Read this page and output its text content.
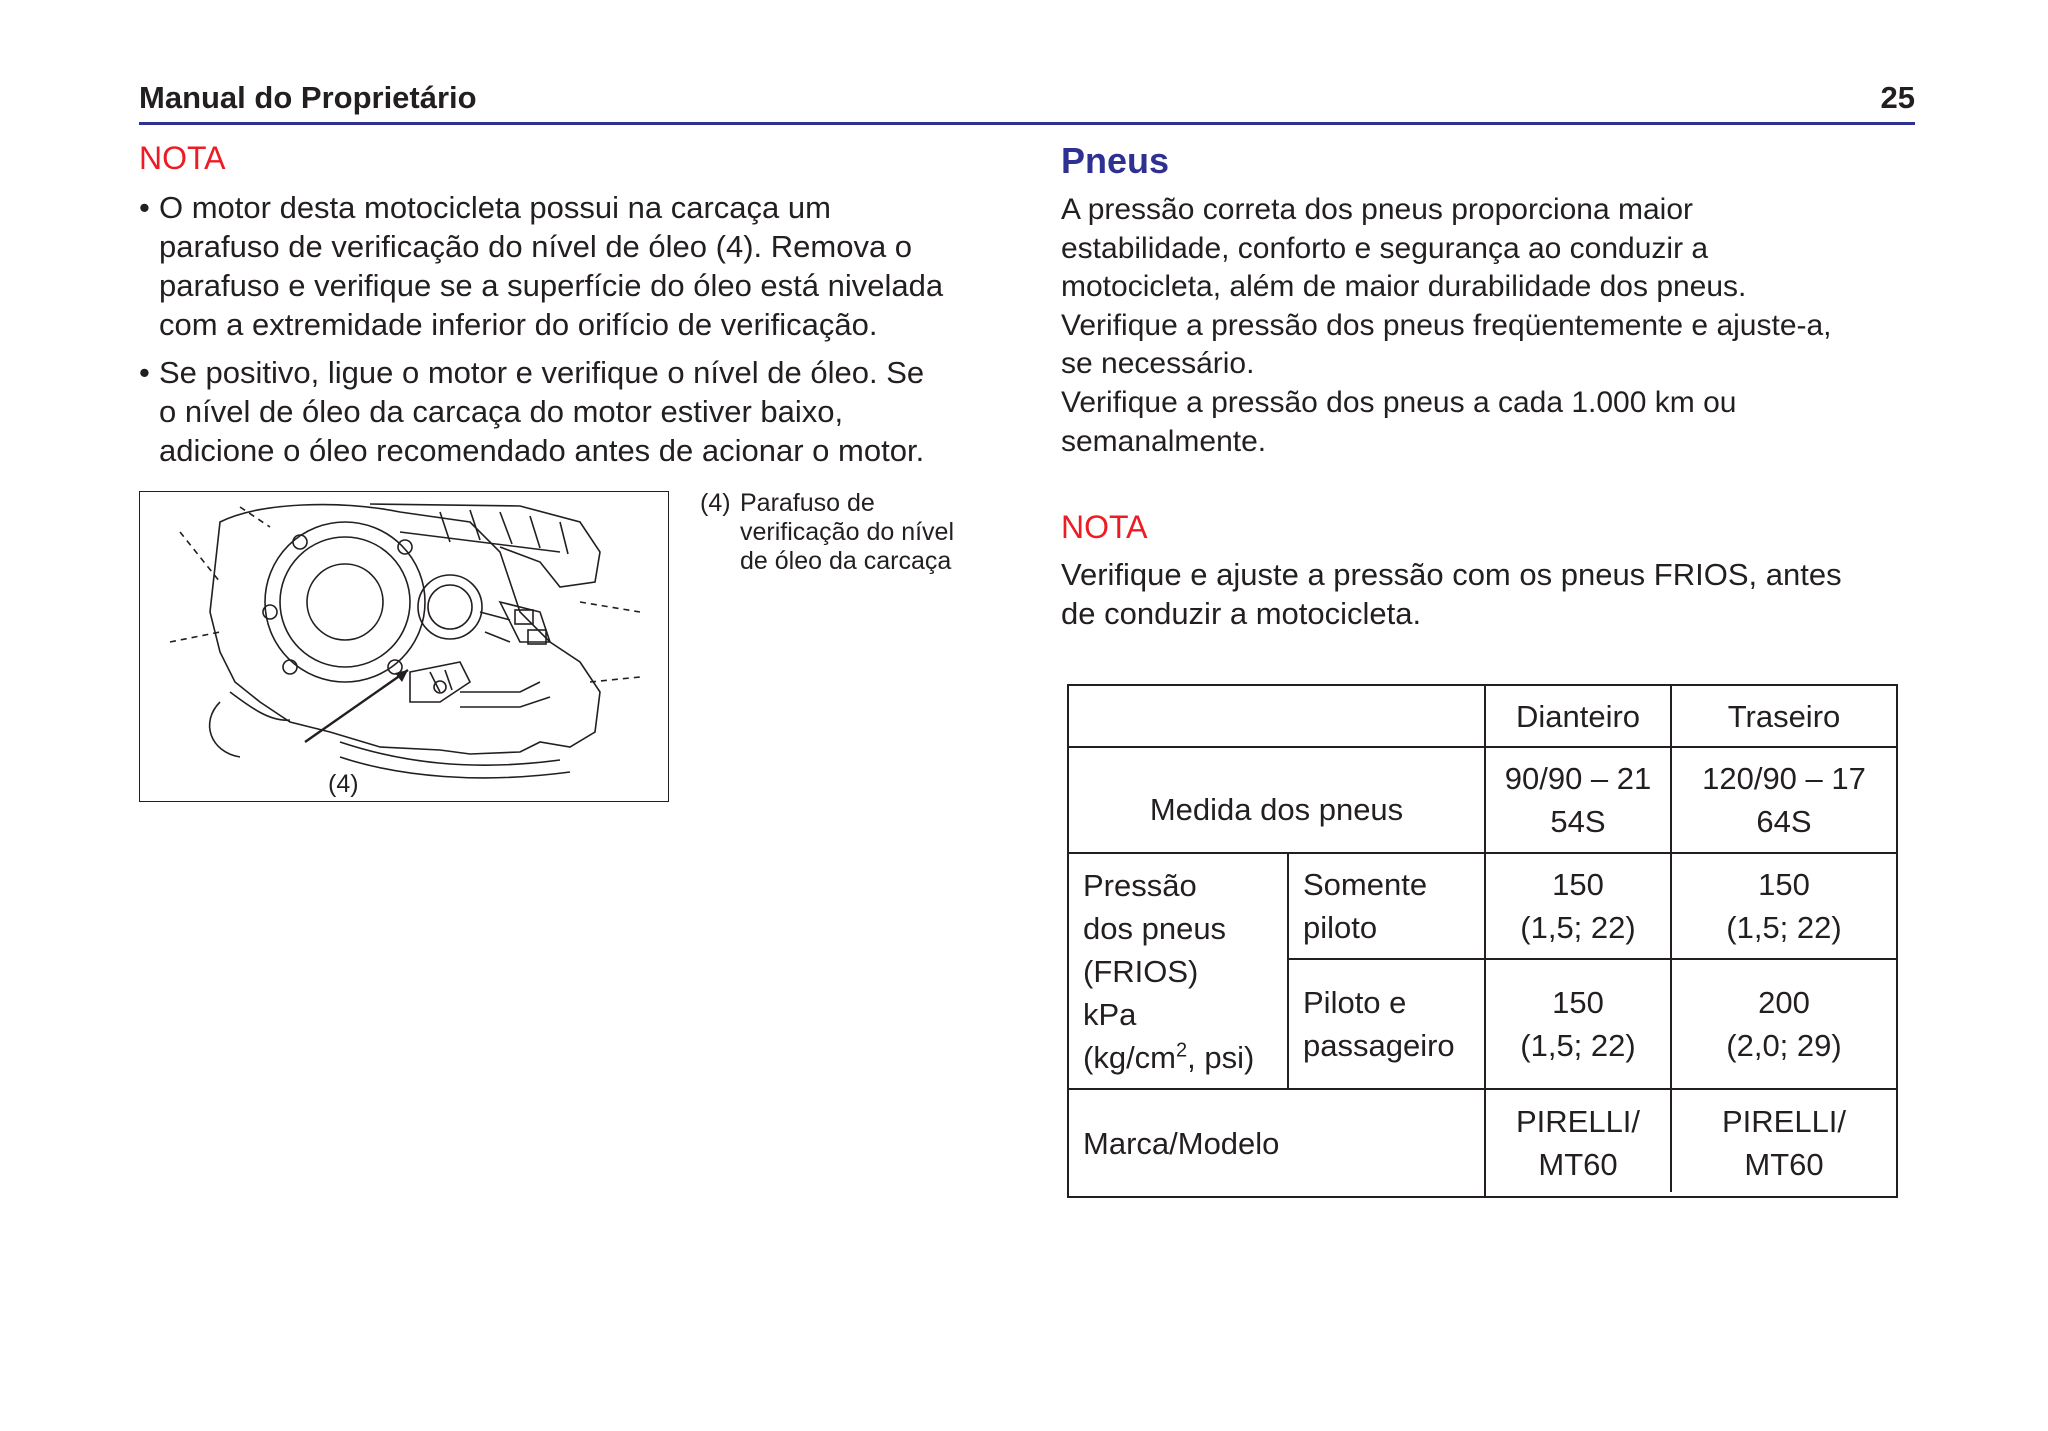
Manual do Proprietário	25
NOTA
• O motor desta motocicleta possui na carcaça um
parafuso de verificação do nível de óleo (4). Remova o
parafuso e verifique se a superfície do óleo está nivelada
com a extremidade inferior do orifício de verificação.
• Se positivo, ligue o motor e verifique o nível de óleo. Se
o nível de óleo da carcaça do motor estiver baixo,
adicione o óleo recomendado antes de acionar o motor.
(4)
(4) Parafuso de
verificação do nível
de óleo da carcaça
Pneus

A pressão correta dos pneus proporciona maior
estabilidade, conforto e segurança ao conduzir a
motocicleta, além de maior durabilidade dos pneus.

Verifique a pressão dos pneus freqüentemente e ajuste-a,
se necessário.

Verifique a pressão dos pneus a cada 1.000 km ou
semanalmente.

NOTA
Verifique e ajuste a pressão com os pneus FRIOS, antes
de conduzir a motocicleta.
Dianteiro	Traseiro
Medida dos pneus
90/90 – 21
54S
120/90 – 17
64S
Pressão
dos pneus
(FRIOS)
kPa
($kg/cm^2$, psi)
Somente
piloto
150
(1,5; 22)
150
(1,5; 22)
Piloto e
passageiro
150
(1,5; 22)
200
(2,0; 29)
Marca/Modelo
PIRELLI/
MT60
PIRELLI/
MT60
